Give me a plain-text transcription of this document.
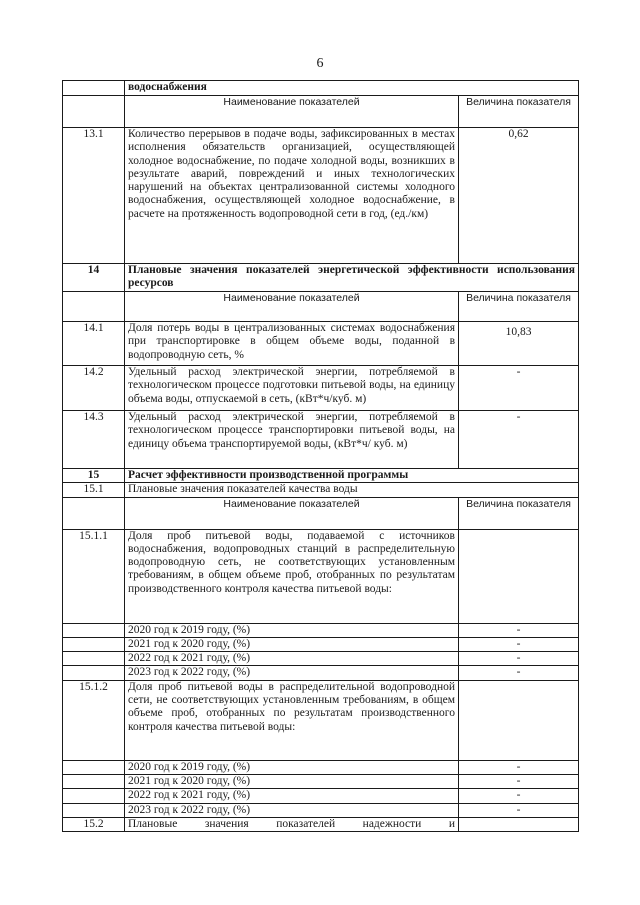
6
	водоснабжения	
	Наименование показателей	Величина показателя
13.1	Количество перерывов в подаче воды, зафиксированных в местах исполнения обязательств организацией, осуществляющей холодное водоснабжение, по подаче холодной воды, возникших в результате аварий, повреждений и иных технологических нарушений на объектах централизованной системы холодного водоснабжения, осуществляющей холодное водоснабжение, в расчете на протяженность водопроводной сети в год, (ед./км)	0,62
14	Плановые значения показателей энергетической эффективности использования ресурсов	
	Наименование показателей	Величина показателя
14.1	Доля потерь воды в централизованных системах водоснабжения при транспортировке в общем объеме воды, поданной в водопроводную сеть, %	10,83
14.2	Удельный расход электрической энергии, потребляемой в технологическом процессе подготовки питьевой воды, на единицу объема воды, отпускаемой в сеть, (кВт*ч/куб. м)	-
14.3	Удельный расход электрической энергии, потребляемой в технологическом процессе транспортировки питьевой воды, на единицу объема транспортируемой воды, (кВт*ч/ куб. м)	-
15	Расчет эффективности производственной программы	
15.1	Плановые значения показателей качества воды	
	Наименование показателей	Величина показателя
15.1.1	Доля проб питьевой воды, подаваемой с источников водоснабжения, водопроводных станций в распределительную водопроводную сеть, не соответствующих установленным требованиям, в общем объеме проб, отобранных по результатам производственного контроля качества питьевой воды:	
	2020 год к 2019 году, (%)	-
	2021 год к 2020 году, (%)	-
	2022 год к 2021 году, (%)	-
	2023 год к 2022 году, (%)	-
15.1.2	Доля проб питьевой воды в распределительной водопроводной сети, не соответствующих установленным требованиям, в общем объеме проб, отобранных по результатам производственного контроля качества питьевой воды:	
	2020 год к 2019 году, (%)	-
	2021 год к 2020 году, (%)	-
	2022 год к 2021 году, (%)	-
	2023 год к 2022 году, (%)	-
15.2	Плановые значения показателей надежности и	
